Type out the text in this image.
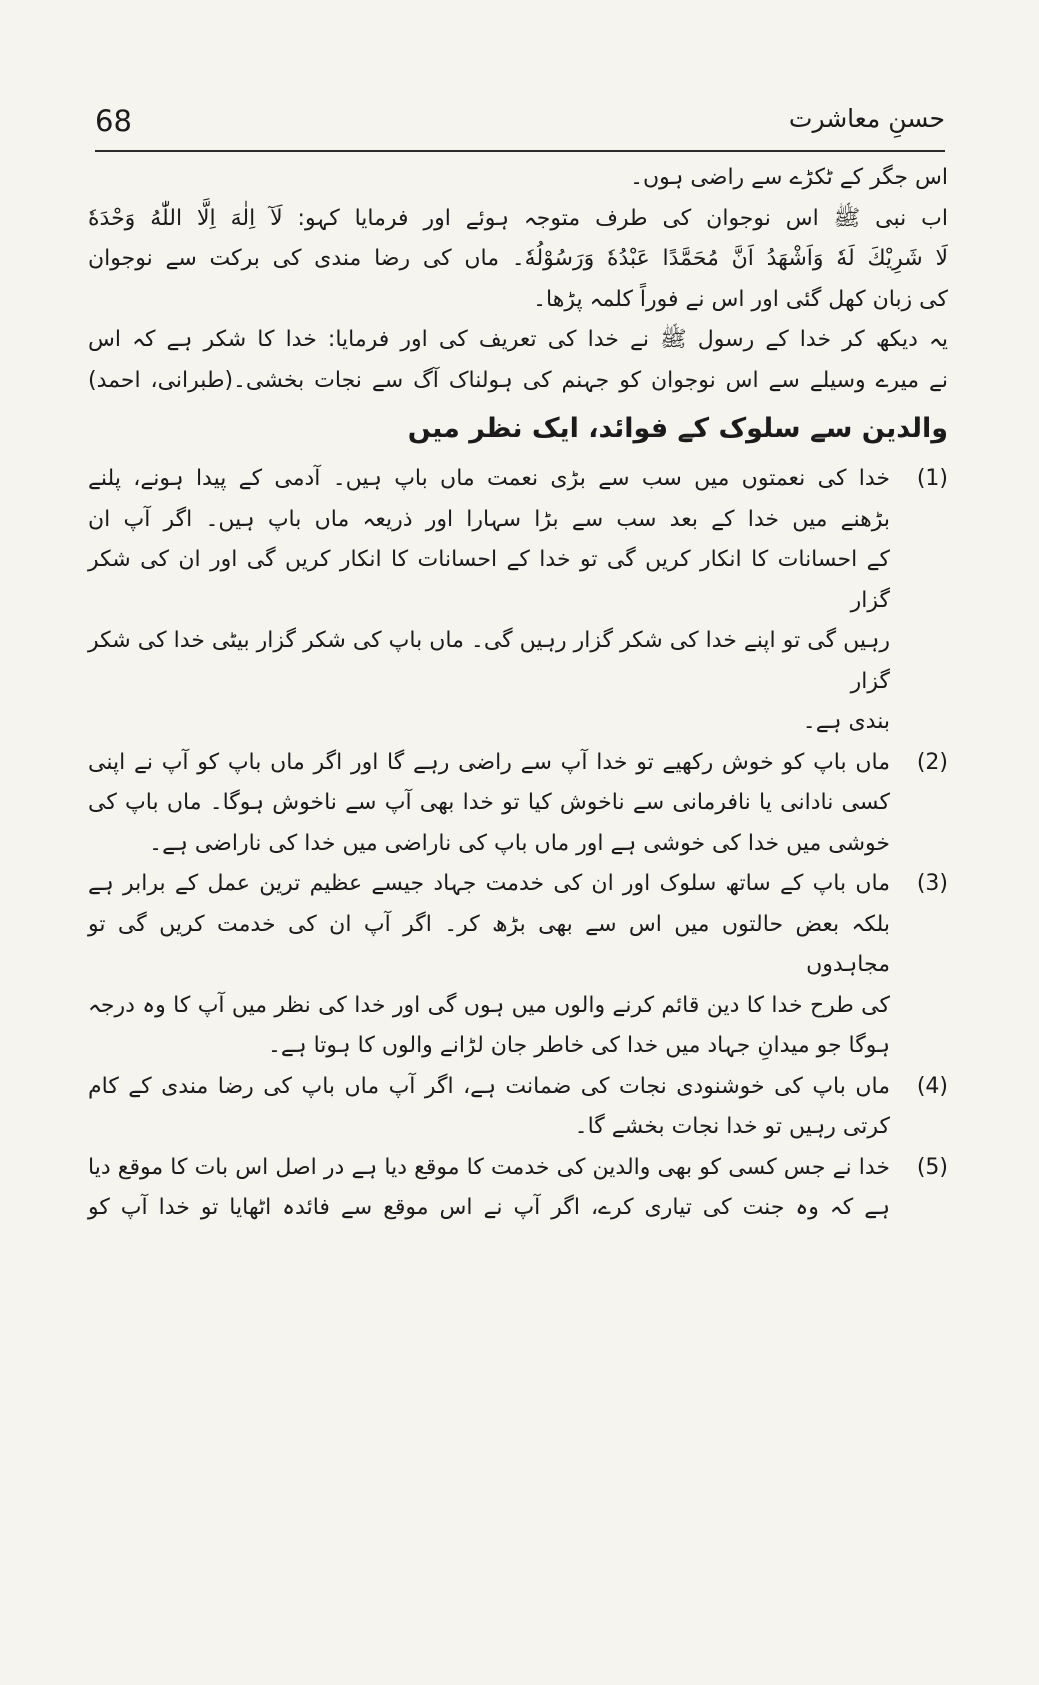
68	حسنِ معاشرت
اس جگر کے ٹکڑے سے راضی ہوں۔
اب نبی ﷺ اس نوجوان کی طرف متوجہ ہوئے اور فرمایا کہو: لَآ اِلٰهَ اِلَّا اللّٰهُ وَحْدَهٗ
لَا شَرِيْكَ لَهٗ وَاَشْهَدُ اَنَّ مُحَمَّدًا عَبْدُهٗ وَرَسُوْلُهٗ۔ ماں کی رضا مندی کی برکت سے نوجوان
کی زبان کھل گئی اور اس نے فوراً کلمہ پڑھا۔
یہ دیکھ کر خدا کے رسول ﷺ نے خدا کی تعریف کی اور فرمایا: خدا کا شکر ہے کہ اس
نے میرے وسیلے سے اس نوجوان کو جہنم کی ہولناک آگ سے نجات بخشی۔(طبرانی، احمد)
والدین سے سلوک کے فوائد، ایک نظر میں
(1)
خدا کی نعمتوں میں سب سے بڑی نعمت ماں باپ ہیں۔ آدمی کے پیدا ہونے، پلنے
بڑھنے میں خدا کے بعد سب سے بڑا سہارا اور ذریعہ ماں باپ ہیں۔ اگر آپ ان
کے احسانات کا انکار کریں گی تو خدا کے احسانات کا انکار کریں گی اور ان کی شکر گزار
رہیں گی تو اپنے خدا کی شکر گزار رہیں گی۔ ماں باپ کی شکر گزار بیٹی خدا کی شکر گزار
بندی ہے۔
(2)
ماں باپ کو خوش رکھیے تو خدا آپ سے راضی رہے گا اور اگر ماں باپ کو آپ نے اپنی
کسی نادانی یا نافرمانی سے ناخوش کیا تو خدا بھی آپ سے ناخوش ہوگا۔ ماں باپ کی
خوشی میں خدا کی خوشی ہے اور ماں باپ کی ناراضی میں خدا کی ناراضی ہے۔
(3)
ماں باپ کے ساتھ سلوک اور ان کی خدمت جہاد جیسے عظیم ترین عمل کے برابر ہے
بلکہ بعض حالتوں میں اس سے بھی بڑھ کر۔ اگر آپ ان کی خدمت کریں گی تو مجاہدوں
کی طرح خدا کا دین قائم کرنے والوں میں ہوں گی اور خدا کی نظر میں آپ کا وہ درجہ
ہوگا جو میدانِ جہاد میں خدا کی خاطر جان لڑانے والوں کا ہوتا ہے۔
(4)
ماں باپ کی خوشنودی نجات کی ضمانت ہے، اگر آپ ماں باپ کی رضا مندی کے کام
کرتی رہیں تو خدا نجات بخشے گا۔
(5)
خدا نے جس کسی کو بھی والدین کی خدمت کا موقع دیا ہے در اصل اس بات کا موقع دیا
ہے کہ وہ جنت کی تیاری کرے، اگر آپ نے اس موقع سے فائدہ اٹھایا تو خدا آپ کو
